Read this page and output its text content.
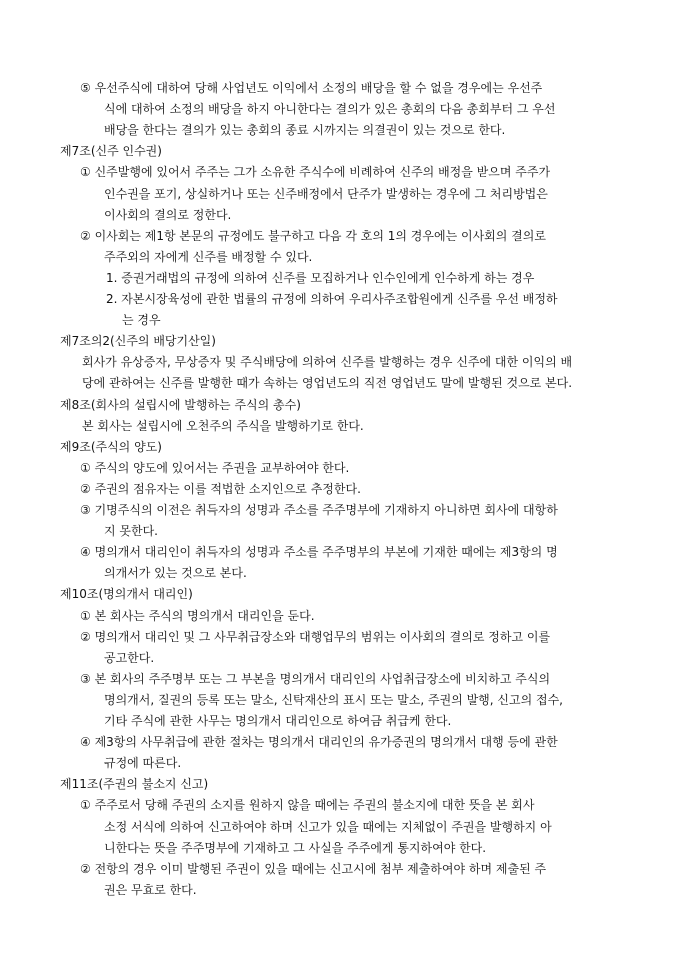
⑤ 우선주식에 대하여 당해 사업년도 이익에서 소정의 배당을 할 수 없을 경우에는 우선주
식에 대하여 소정의 배당을 하지 아니한다는 결의가 있은 총회의 다음 총회부터 그 우선
배당을 한다는 결의가 있는 총회의 종료 시까지는 의결권이 있는 것으로 한다.
제7조(신주 인수권)
① 신주발행에 있어서 주주는 그가 소유한 주식수에 비례하여 신주의 배정을 받으며 주주가
인수권을 포기, 상실하거나 또는 신주배정에서 단주가 발생하는 경우에 그 처리방법은
이사회의 결의로 정한다.
② 이사회는 제1항 본문의 규정에도 불구하고 다음 각 호의 1의 경우에는 이사회의 결의로
주주외의 자에게 신주를 배정할 수 있다.
1. 증권거래법의 규정에 의하여 신주를 모집하거나 인수인에게 인수하게 하는 경우
2. 자본시장육성에 관한 법률의 규정에 의하여 우리사주조합원에게 신주를 우선 배정하
는 경우
제7조의2(신주의 배당기산일)
회사가 유상증자, 무상증자 및 주식배당에 의하여 신주를 발행하는 경우 신주에 대한 이익의 배
당에 관하여는 신주를 발행한 때가 속하는 영업년도의 직전 영업년도 말에 발행된 것으로 본다.
제8조(회사의 설립시에 발행하는 주식의 총수)
본 회사는 설립시에 오천주의 주식을 발행하기로 한다.
제9조(주식의 양도)
① 주식의 양도에 있어서는 주권을 교부하여야 한다.
② 주권의 점유자는 이를 적법한 소지인으로 추정한다.
③ 기명주식의 이전은 취득자의 성명과 주소를 주주명부에 기재하지 아니하면 회사에 대항하
지 못한다.
④ 명의개서 대리인이 취득자의 성명과 주소를 주주명부의 부본에 기재한 때에는 제3항의 명
의개서가 있는 것으로 본다.
제10조(명의개서 대리인)
① 본 회사는 주식의 명의개서 대리인을 둔다.
② 명의개서 대리인 및 그 사무취급장소와 대행업무의 범위는 이사회의 결의로 정하고 이를
공고한다.
③ 본 회사의 주주명부 또는 그 부본을 명의개서 대리인의 사업취급장소에 비치하고 주식의
명의개서, 질권의 등록 또는 말소, 신탁재산의 표시 또는 말소, 주권의 발행, 신고의 접수,
기타 주식에 관한 사무는 명의개서 대리인으로 하여금 취급케 한다.
④ 제3항의 사무취급에 관한 절차는 명의개서 대리인의 유가증권의 명의개서 대행 등에 관한
규정에 따른다.
제11조(주권의 불소지 신고)
① 주주로서 당해 주권의 소지를 원하지 않을 때에는 주권의 불소지에 대한 뜻을 본 회사
소정 서식에 의하여 신고하여야 하며 신고가 있을 때에는 지체없이 주권을 발행하지 아
니한다는 뜻을 주주명부에 기재하고 그 사실을 주주에게 통지하여야 한다.
② 전항의 경우 이미 발행된 주권이 있을 때에는 신고시에 첨부 제출하여야 하며 제출된 주
권은 무효로 한다.
